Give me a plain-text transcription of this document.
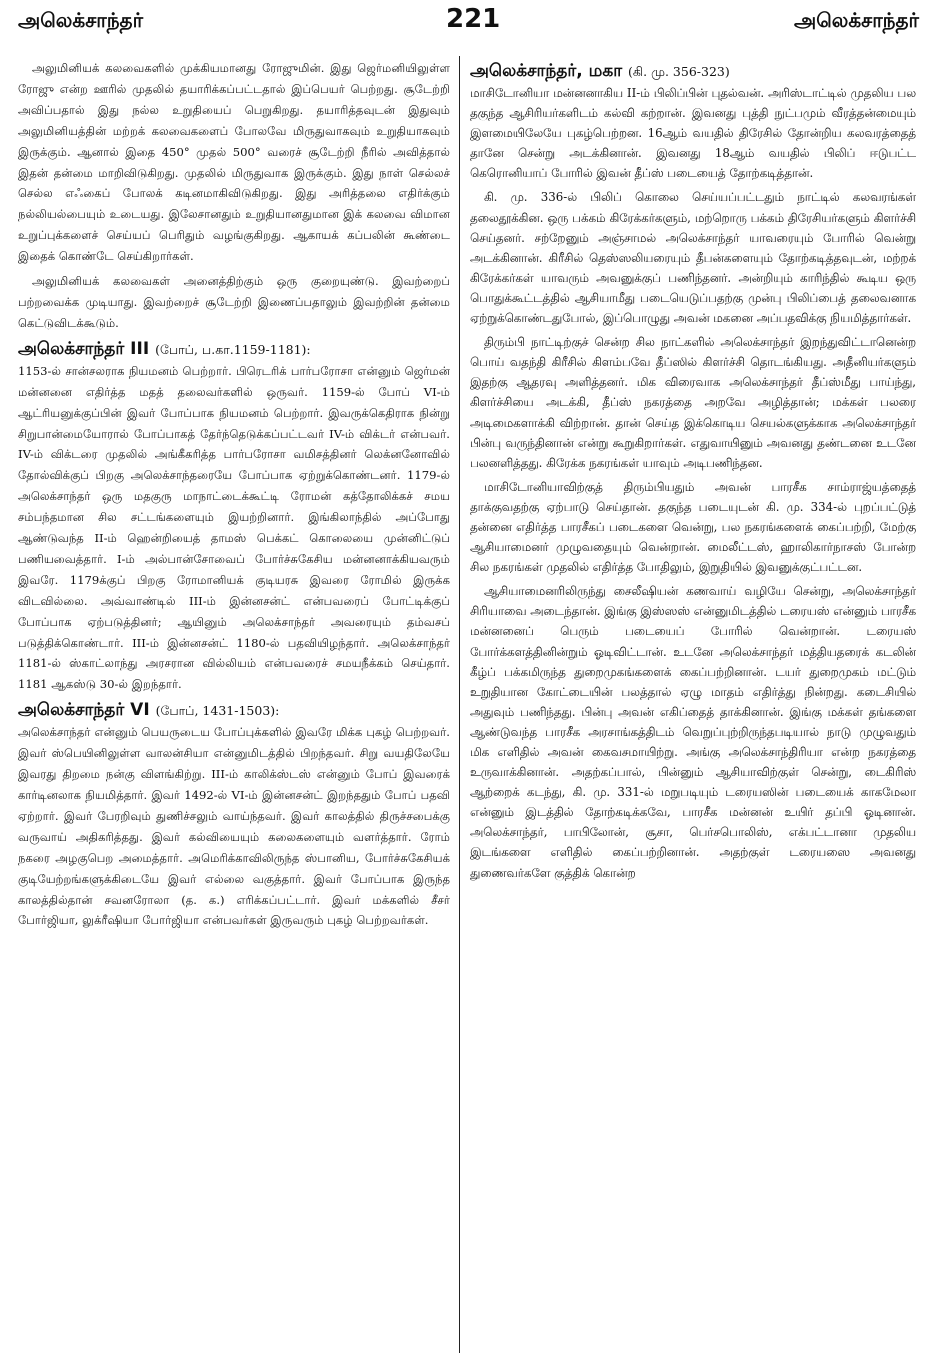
அலெக்சாந்தர்	221	அலெக்சாந்தர்

அலுமினியக் கலவைகளில் முக்கியமானது ரோஜுமின். இது ஜெர்மனியிலுள்ள ரோஜு என்ற ஊரில் முதலில் தயாரிக்கப்பட்டதால் இப்பெயர் பெற்றது. சூடேற்றி அவிப்பதால் இது நல்ல உறுதியைப் பெறுகிறது. தயாரித்தவுடன் இதுவும் அலுமினியத்தின் மற்றக் கலவைகளைப் போலவே மிருதுவாகவும் உறுதியாகவும் இருக்கும். ஆனால் இதை 450° முதல் 500° வரைச் சூடேற்றி நீரில் அவித்தால் இதன் தன்மை மாறிவிடுகிறது. முதலில் மிருதுவாக இருக்கும். இது நாள் செல்லச் செல்ல எஃகைப் போலக் கடினமாகிவிடுகிறது. இது அரித்தலை எதிர்க்கும் நல்லியல்பையும் உடையது. இலேசானதும் உறுதியானதுமான இக் கலவை விமான உறுப்புக்களைச் செய்யப் பெரிதும் வழங்குகிறது. ஆகாயக் கப்பலின் கூண்டை இதைக் கொண்டே செய்கிறார்கள்.

அலுமினியக் கலவைகள் அனைத்திற்கும் ஒரு குறையுண்டு. இவற்றைப் பற்றவைக்க முடியாது. இவற்றைச் சூடேற்றி இணைப்பதாலும் இவற்றின் தன்மை கெட்டுவிடக்கூடும்.

அலெக்சாந்தர் III (போப், ப.கா.1159-1181):

1153-ல் சான்சலராக நியமனம் பெற்றார். பிரெடரிக் பார்பரோசா என்னும் ஜெர்மன் மன்னனை எதிர்த்த மதத் தலைவர்களில் ஒருவர். 1159-ல் போப் VI-ம் ஆட்ரியனுக்குப்பின் இவர் போப்பாக நியமனம் பெற்றார். இவருக்கெதிராக நின்று சிறுபான்மையோரால் போப்பாகத் தேர்ந்தெடுக்கப்பட்டவர் IV-ம் விக்டர் என்பவர். IV-ம் விக்டரை முதலில் அங்கீகரித்த பார்பரோசா வமிசத்தினர் லெக்னனோவில் தோல்விக்குப் பிறகு அலெக்சாந்தரையே போப்பாக ஏற்றுக்கொண்டனர். 1179-ல் அலெக்சாந்தர் ஒரு மதகுரு மாநாட்டைக்கூட்டி ரோமன் கத்தோலிக்கச் சமய சம்பந்தமான சில சட்டங்களையும் இயற்றினார். இங்கிலாந்தில் அப்போது ஆண்டுவந்த II-ம் ஹென்றியைத் தாமஸ் பெக்கட் கொலையை முன்னிட்டுப் பணியவைத்தார். I-ம் அல்பான்சோவைப் போர்ச்சுகேசிய மன்னனாக்கியவரும் இவரே. 1179க்குப் பிறகு ரோமானியக் குடியரசு இவரை ரோமில் இருக்க விடவில்லை. அவ்வாண்டில் III-ம் இன்னசன்ட் என்பவரைப் போட்டிக்குப் போப்பாக ஏற்படுத்தினர்; ஆயினும் அலெக்சாந்தர் அவரையும் தம்வசப் படுத்திக்கொண்டார். III-ம் இன்னசன்ட் 1180-ல் பதவியிழந்தார். அலெக்சாந்தர் 1181-ல் ஸ்காட்லாந்து அரசரான வில்லியம் என்பவரைச் சமயநீக்கம் செய்தார். 1181 ஆகஸ்டு 30-ல் இறந்தார்.

அலெக்சாந்தர் VI (போப், 1431-1503):

அலெக்சாந்தர் என்னும் பெயருடைய போப்புக்களில் இவரே மிக்க புகழ் பெற்றவர். இவர் ஸ்பெயினிலுள்ள வாலன்சியா என்னுமிடத்தில் பிறந்தவர். சிறு வயதிலேயே இவரது திறமை நன்கு விளங்கிற்று. III-ம் காலிக்ஸ்டஸ் என்னும் போப் இவரைக் கார்டினலாக நியமித்தார். இவர் 1492-ல் VI-ம் இன்னசன்ட் இறந்ததும் போப் பதவி ஏற்றார். இவர் பேரறிவும் துணிச்சலும் வாய்ந்தவர். இவர் காலத்தில் திருச்சபைக்கு வருவாய் அதிகரித்தது. இவர் கல்வியையும் கலைகளையும் வளர்த்தார். ரோம் நகரை அழகுபெற அமைத்தார். அமெரிக்காவிலிருந்த ஸ்பானிய, போர்ச்சுகேசியக் குடியேற்றங்களுக்கிடையே இவர் எல்லை வகுத்தார். இவர் போப்பாக இருந்த காலத்தில்தான் சவனரோலா (த. க.) எரிக்கப்பட்டார். இவர் மக்களில் சீசர் போர்ஜியா, லுக்ரீஷியா போர்ஜியா என்பவர்கள் இருவரும் புகழ் பெற்றவர்கள்.

அலெக்சாந்தர், மகா (கி. மு. 356-323)

மாசிடோனியா மன்னனாகிய II-ம் பிலிப்பின் புதல்வன். அரிஸ்டாட்டில் முதலிய பல தகுந்த ஆசிரியர்களிடம் கல்வி கற்றான். இவனது புத்தி நுட்பமும் வீரத்தன்மையும் இளமையிலேயே புகழ்பெற்றன. 16ஆம் வயதில் திரேசில் தோன்றிய கலவரத்தைத் தானே சென்று அடக்கினான். இவனது 18ஆம் வயதில் பிலிப் ஈடுபட்ட கெரொனியாப் போரில் இவன் தீப்ஸ் படையைத் தோற்கடித்தான்.

கி. மு. 336-ல் பிலிப் கொலை செய்யப்பட்டதும் நாட்டில் கலவரங்கள் தலைதூக்கின. ஒரு பக்கம் கிரேக்கர்களும், மற்றொரு பக்கம் திரேசியர்களும் கிளர்ச்சி செய்தனர். சற்றேனும் அஞ்சாமல் அலெக்சாந்தர் யாவரையும் போரில் வென்று அடக்கினான். கிரீசில் தெஸ்ஸலியரையும் தீபன்களையும் தோற்கடித்தவுடன், மற்றக் கிரேக்கர்கள் யாவரும் அவனுக்குப் பணிந்தனர். அன்றியும் காரிந்தில் கூடிய ஒரு பொதுக்கூட்டத்தில் ஆசியாமீது படையெடுப்பதற்கு முன்பு பிலிப்பைத் தலைவனாக ஏற்றுக்கொண்டதுபோல், இப்பொழுது அவன் மகனை அப்பதவிக்கு நியமித்தார்கள்.

திரும்பி நாட்டிற்குச் சென்ற சில நாட்களில் அலெக்சாந்தர் இறந்துவிட்டானென்ற பொய் வதந்தி கிரீசில் கிளம்பவே தீப்ஸில் கிளர்ச்சி தொடங்கியது. அதீனியர்களும் இதற்கு ஆதரவு அளித்தனர். மிக விரைவாக அலெக்சாந்தர் தீப்ஸ்மீது பாய்ந்து, கிளர்ச்சியை அடக்கி, தீப்ஸ் நகரத்தை அறவே அழித்தான்; மக்கள் பலரை அடிமைகளாக்கி விற்றான். தான் செய்த இக்கொடிய செயல்களுக்காக அலெக்சாந்தர் பின்பு வருந்தினான் என்று கூறுகிறார்கள். எதுவாயினும் அவனது தண்டனை உடனே பலனளித்தது. கிரேக்க நகரங்கள் யாவும் அடிபணிந்தன.

மாசிடோனியாவிற்குத் திரும்பியதும் அவன் பாரசீக சாம்ராஜ்யத்தைத் தாக்குவதற்கு ஏற்பாடு செய்தான். தகுந்த படையுடன் கி. மு. 334-ல் புறப்பட்டுத் தன்னை எதிர்த்த பாரசீகப் படைகளை வென்று, பல நகரங்களைக் கைப்பற்றி, மேற்கு ஆசியாமைனர் முழுவதையும் வென்றான். மைலீட்டஸ், ஹாலிகார்நாசஸ் போன்ற சில நகரங்கள் முதலில் எதிர்த்த போதிலும், இறுதியில் இவனுக்குட்பட்டன.

ஆசியாமைனரிலிருந்து சைலீஷியன் கணவாய் வழியே சென்று, அலெக்சாந்தர் சிரியாவை அடைந்தான். இங்கு இஸ்ஸஸ் என்னுமிடத்தில் டரையஸ் என்னும் பாரசீக மன்னனைப் பெரும் படையைப் போரில் வென்றான். டரையஸ் போர்க்களத்தினின்றும் ஓடிவிட்டான். உடனே அலெக்சாந்தர் மத்தியதரைக் கடலின் கீழ்ப் பக்கமிருந்த துறைமுகங்களைக் கைப்பற்றினான். டயர் துறைமுகம் மட்டும் உறுதியான கோட்டையின் பலத்தால் ஏழு மாதம் எதிர்த்து நின்றது. கடைசியில் அதுவும் பணிந்தது. பின்பு அவன் எகிப்தைத் தாக்கினான். இங்கு மக்கள் தங்களை ஆண்டுவந்த பாரசீக அரசாங்கத்திடம் வெறுப்புற்றிருந்தபடியால் நாடு முழுவதும் மிக எளிதில் அவன் கைவசமாயிற்று. அங்கு அலெக்சாந்திரியா என்ற நகரத்தை உருவாக்கினான். அதற்கப்பால், பின்னும் ஆசியாவிற்குள் சென்று, டைகிரிஸ் ஆற்றைக் கடந்து, கி. மு. 331-ல் மறுபடியும் டரையஸின் படையைக் காகமேலா என்னும் இடத்தில் தோற்கடிக்கவே, பாரசீக மன்னன் உயிர் தப்பி ஓடினான். அலெக்சாந்தர், பாபிலோன், சூசா, பெர்சபொலிஸ், எக்பட்டானா முதலிய இடங்களை எளிதில் கைப்பற்றினான். அதற்குள் டரையஸை அவனது துணைவர்களே குத்திக் கொன்ற
